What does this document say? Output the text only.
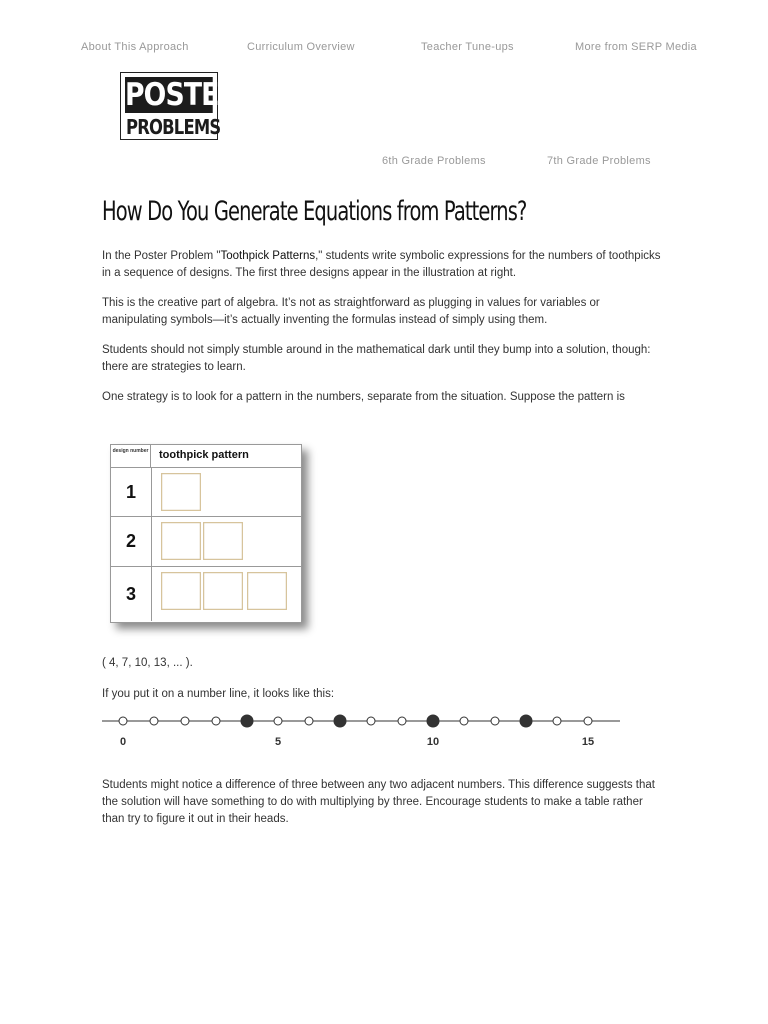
About This Approach	Curriculum Overview	Teacher Tune-ups	More from SERP Media
POSTER
PROBLEMS
6th Grade Problems	7th Grade Problems
How Do You Generate Equations from Patterns?

In the Poster Problem "Toothpick Patterns," students write symbolic expressions for the numbers of toothpicks in a sequence of designs. The first three designs appear in the illustration at right.

This is the creative part of algebra. It’s not as straightforward as plugging in values for variables or manipulating symbols—it’s actually inventing the formulas instead of simply using them.

Students should not simply stumble around in the mathematical dark until they bump into a solution, though: there are strategies to learn.

One strategy is to look for a pattern in the numbers, separate from the situation. Suppose the pattern is

design number toothpick pattern
1
2
3

( 4, 7, 10, 13, ... ).

If you put it on a number line, it looks like this:

0	5	10	15

Students might notice a difference of three between any two adjacent numbers. This difference suggests that the solution will have something to do with multiplying by three. Encourage students to make a table rather than try to figure it out in their heads.
